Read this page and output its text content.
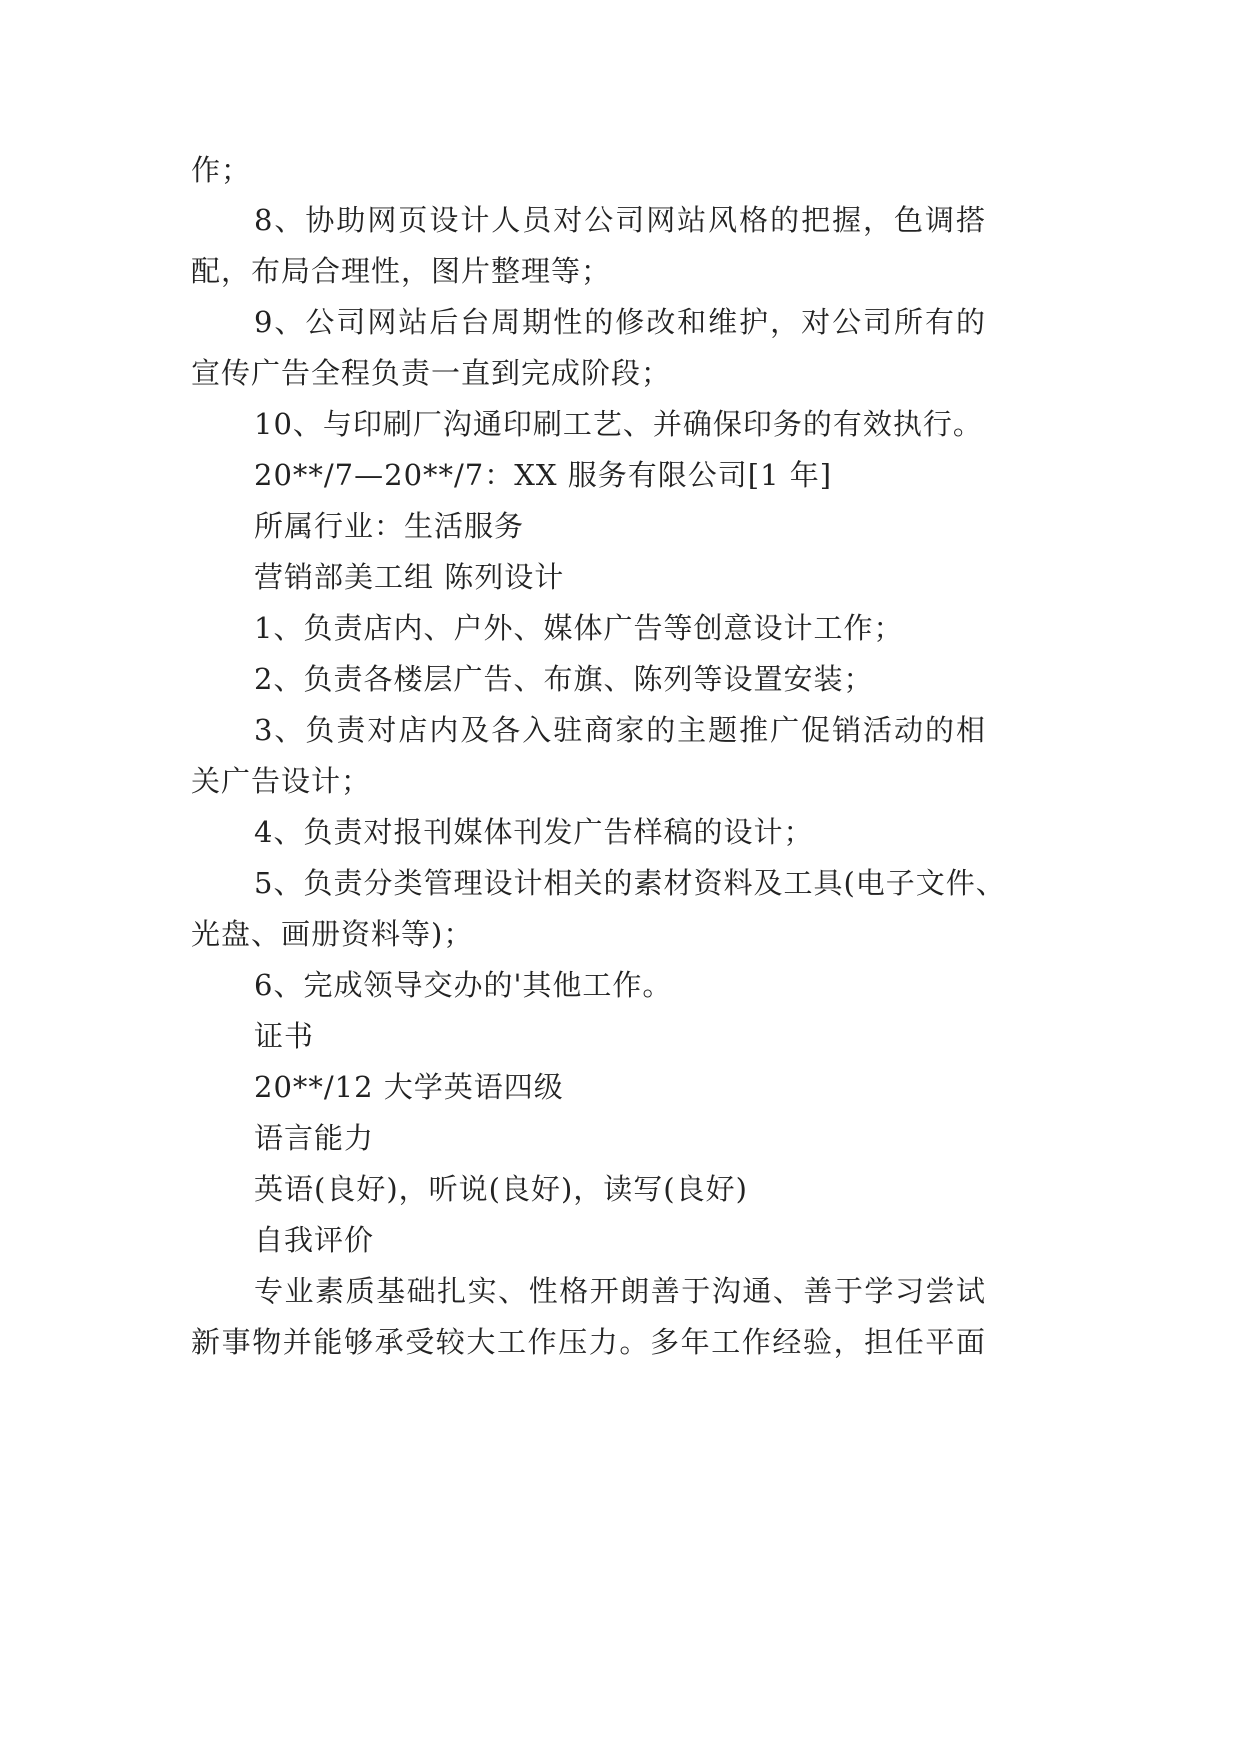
作；
8、协助网页设计人员对公司网站风格的把握，色调搭
配，布局合理性，图片整理等；
9、公司网站后台周期性的修改和维护，对公司所有的
宣传广告全程负责一直到完成阶段；
10、与印刷厂沟通印刷工艺、并确保印务的有效执行。
20**/7—20**/7：XX 服务有限公司[1 年]
所属行业：生活服务
营销部美工组 陈列设计
1、负责店内、户外、媒体广告等创意设计工作；
2、负责各楼层广告、布旗、陈列等设置安装；
3、负责对店内及各入驻商家的主题推广促销活动的相
关广告设计；
4、负责对报刊媒体刊发广告样稿的设计；
5、负责分类管理设计相关的素材资料及工具(电子文件、
光盘、画册资料等)；
6、完成领导交办的'其他工作。
证书
20**/12 大学英语四级
语言能力
英语(良好)，听说(良好)，读写(良好)
自我评价
专业素质基础扎实、性格开朗善于沟通、善于学习尝试
新事物并能够承受较大工作压力。多年工作经验，担任平面
